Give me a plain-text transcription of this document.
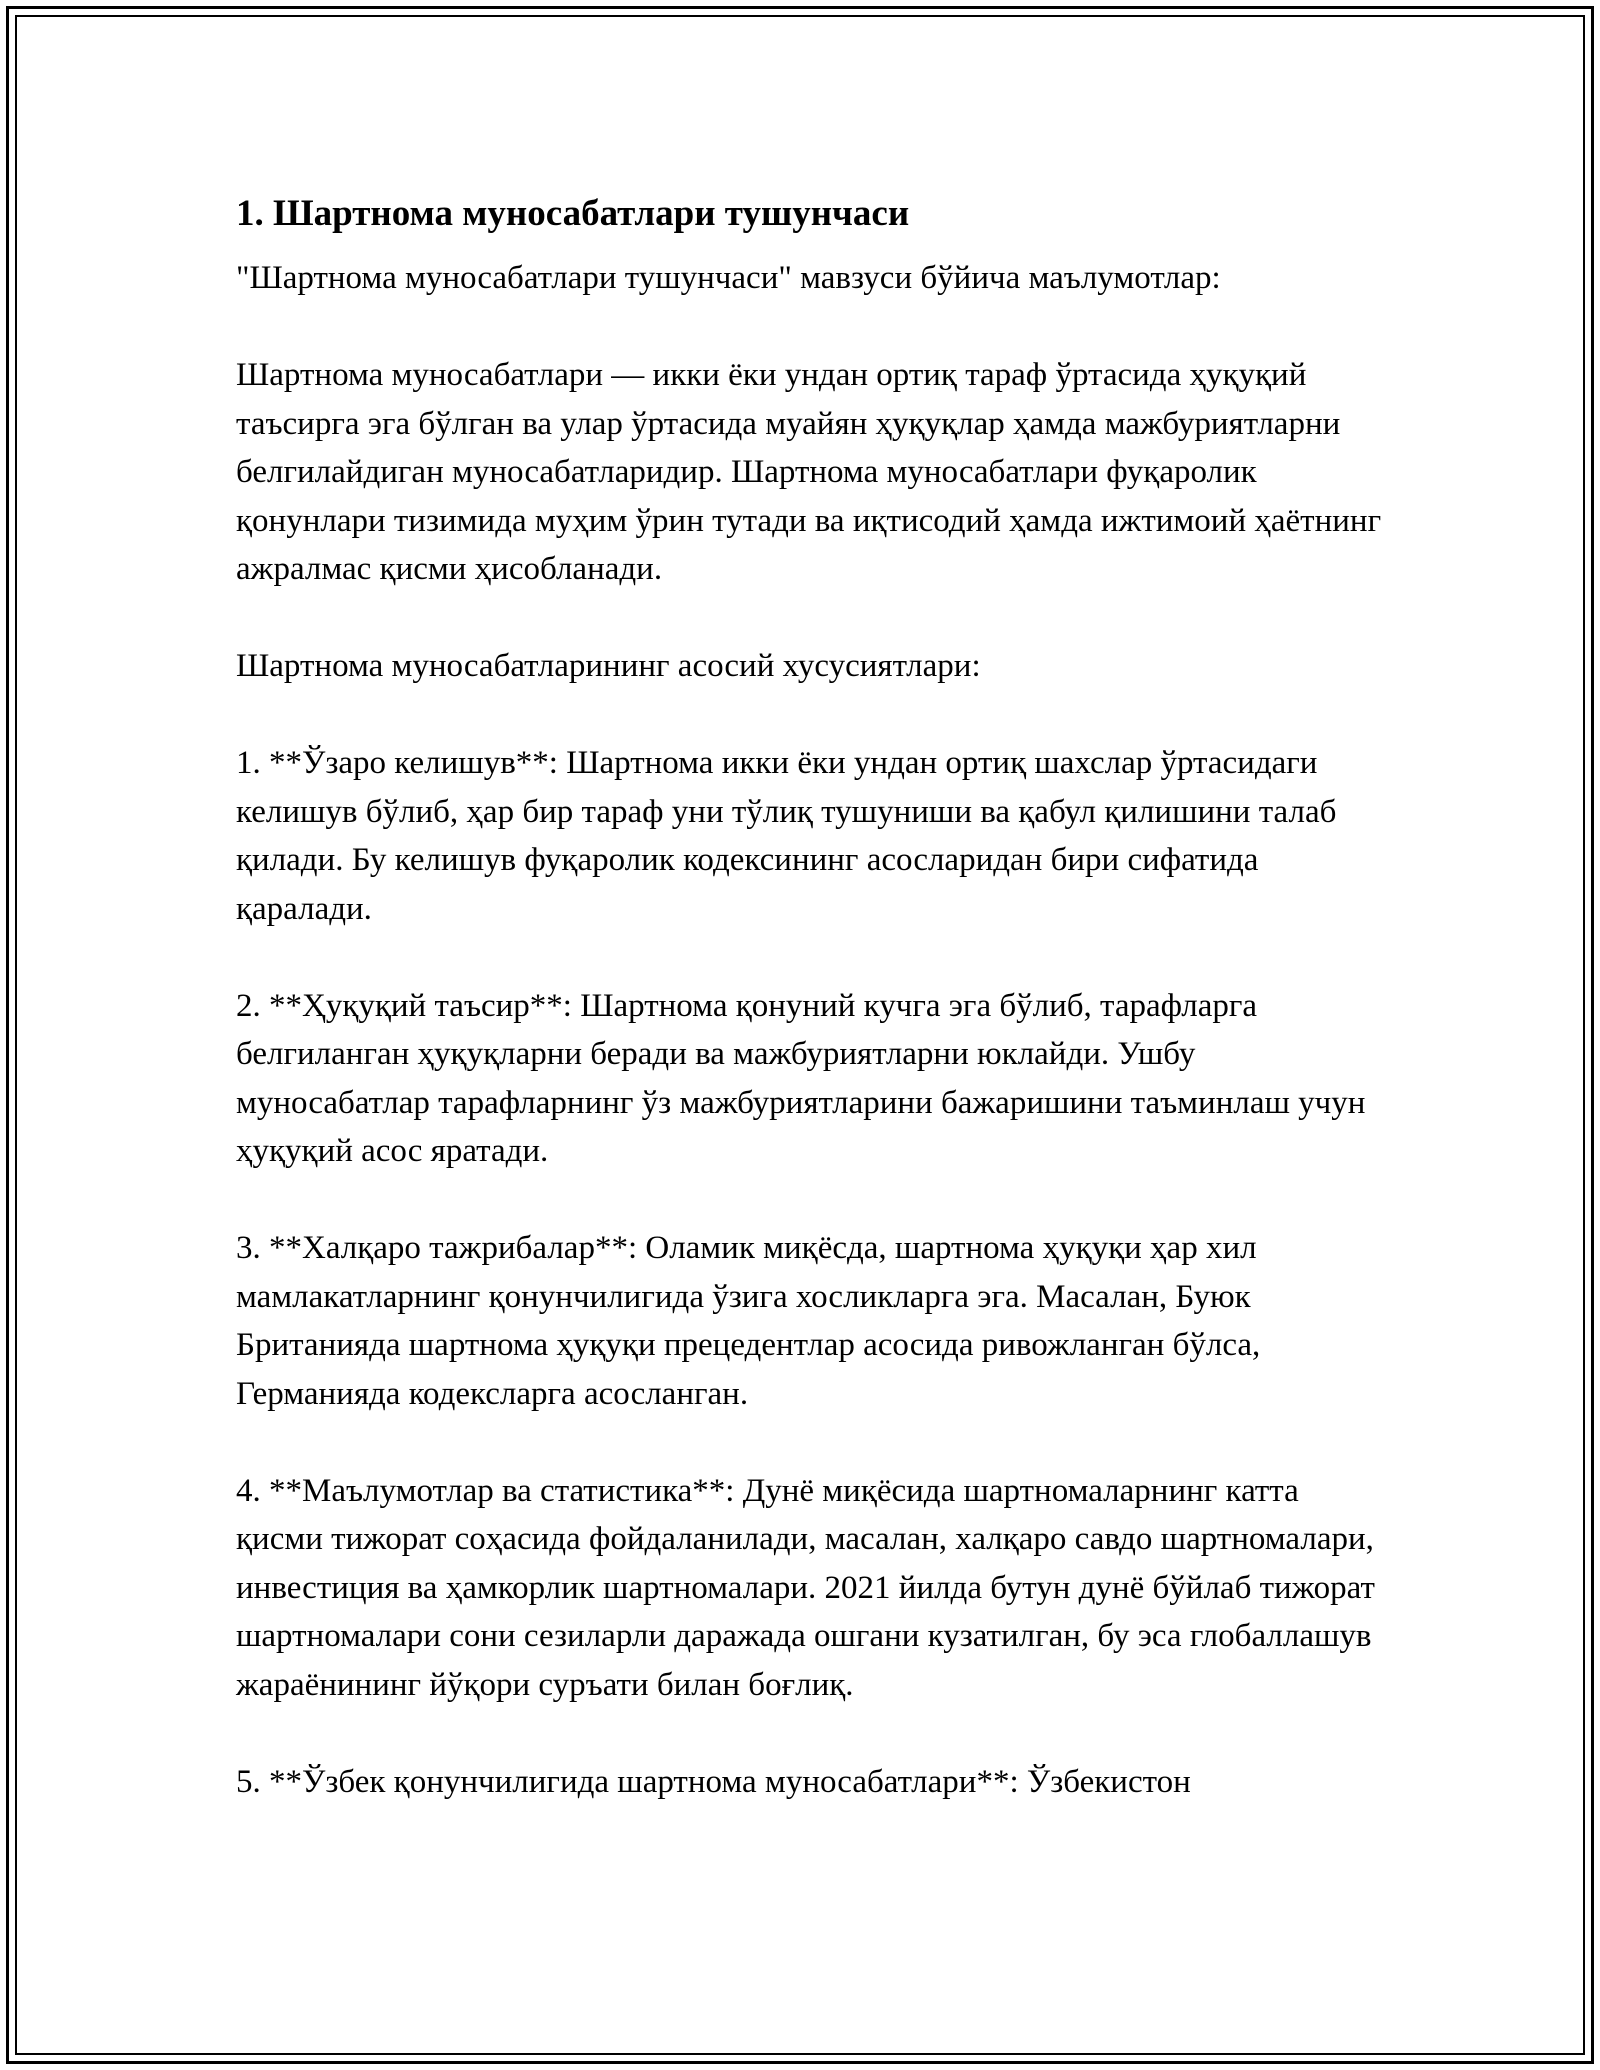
1. Шартнома муносабатлари тушунчаси

"Шартнома муносабатлари тушунчаси" мавзуси бўйича маълумотлар:

Шартнома муносабатлари — икки ёки ундан ортиқ тараф ўртасида ҳуқуқий таъсирга эга бўлган ва улар ўртасида муайян ҳуқуқлар ҳамда мажбуриятларни белгилайдиган муносабатларидир. Шартнома муносабатлари фуқаролик қонунлари тизимида муҳим ўрин тутади ва иқтисодий ҳамда ижтимоий ҳаётнинг ажралмас қисми ҳисобланади.

Шартнома муносабатларининг асосий хусусиятлари:

1. **Ўзаро келишув**: Шартнома икки ёки ундан ортиқ шахслар ўртасидаги келишув бўлиб, ҳар бир тараф уни тўлиқ тушуниши ва қабул қилишини талаб қилади. Бу келишув фуқаролик кодексининг асосларидан бири сифатида қаралади.

2. **Ҳуқуқий таъсир**: Шартнома қонуний кучга эга бўлиб, тарафларга белгиланган ҳуқуқларни беради ва мажбуриятларни юклайди. Ушбу муносабатлар тарафларнинг ўз мажбуриятларини бажаришини таъминлаш учун ҳуқуқий асос яратади.

3. **Халқаро тажрибалар**: Оламик миқёсда, шартнома ҳуқуқи ҳар хил мамлакатларнинг қонунчилигида ўзига хосликларга эга. Масалан, Буюк Британияда шартнома ҳуқуқи прецедентлар асосида ривожланган бўлса, Германияда кодексларга асосланган.

4. **Маълумотлар ва статистика**: Дунё миқёсида шартномаларнинг катта қисми тижорат соҳасида фойдаланилади, масалан, халқаро савдо шартномалари, инвестиция ва ҳамкорлик шартномалари. 2021 йилда бутун дунё бўйлаб тижорат шартномалари сони сезиларли даражада ошгани кузатилган, бу эса глобаллашув жараёнининг йўқори суръати билан боғлиқ.

5. **Ўзбек қонунчилигида шартнома муносабатлари**: Ўзбекистон
